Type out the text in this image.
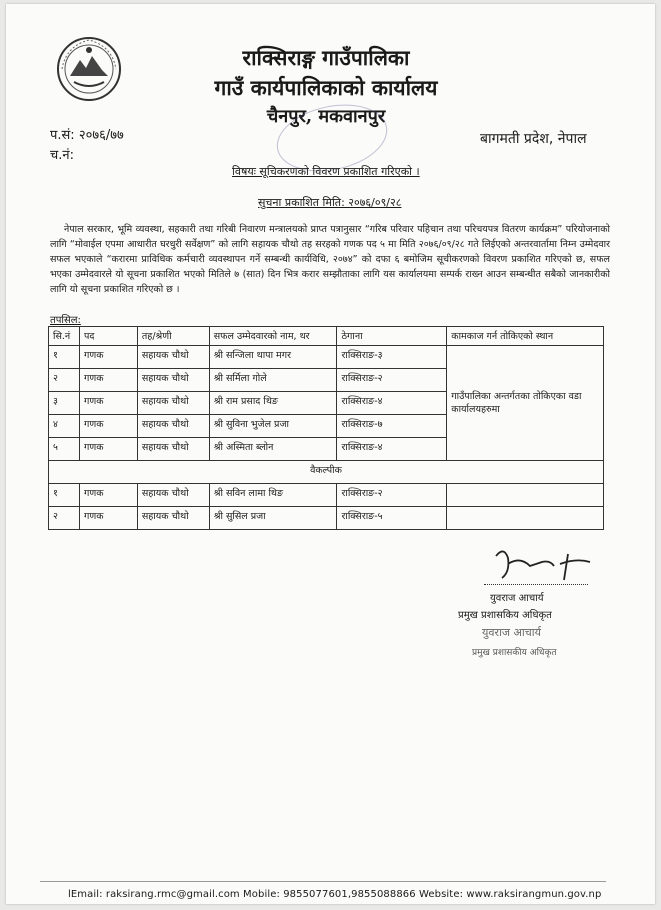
राक्सिराङ्ग गाउँपालिका
गाउँ कार्यपालिकाको कार्यालय
चैनपुर, मकवानपुर
प.सं: २०७६/७७
च.नं:
बागमती प्रदेश, नेपाल
विषयः सूचिकरणको विवरण प्रकाशित गरिएको ।
सुचना प्रकाशित मिति: २०७६/०९/२८
नेपाल सरकार, भूमि व्यवस्था, सहकारी तथा गरिबी निवारण मन्त्रालयको प्राप्त पत्रानुसार “गरिब परिवार पहिचान तथा परिचयपत्र वितरण कार्यक्रम” परियोजनाको लागि “मोवाईल एपमा आधारीत घरधुरी सर्वेक्षण” को लागि सहायक चौथो तह सरहको गणक पद ५ मा मिति २०७६/०९/२८ गते लिईएको अन्तरवार्तामा निम्न उम्मेदवार सफल भएकाले “करारमा प्राविधिक कर्मचारी व्यवस्थापन गर्ने सम्बन्धी कार्यविधि, २०७४” को दफा ६ बमोजिम सूचीकरणको विवरण प्रकाशित गरिएको छ, सफल भएका उम्मेदवारले यो सूचना प्रकाशित भएको मितिले ७ (सात) दिन भित्र करार सम्झौताका लागि यस कार्यालयमा सम्पर्क राख्न आउन सम्बन्धीत सबैको जानकारीको लागि यो सूचना प्रकाशित गरिएको छ ।
तपसिल:
सि.नं	पद	तह/श्रेणी	सफल उम्मेदवारको नाम, थर	ठेगाना	कामकाज गर्न तोकिएको स्थान
१	गणक	सहायक चौथो	श्री सन्जिला थापा मगर	राक्सिराङ-३	गाउँपालिका अन्तर्गतका तोकिएका वडा कार्यालयहरुमा
२	गणक	सहायक चौथो	श्री सर्मिला गोले	राक्सिराङ-२	
३	गणक	सहायक चौथो	श्री राम प्रसाद थिङ	राक्सिराङ-४	
४	गणक	सहायक चौथो	श्री सुविना भुजेल प्रजा	राक्सिराङ-७	
५	गणक	सहायक चौथो	श्री अस्मिता ब्लोन	राक्सिराङ-४	
वैकल्पीक					
१	गणक	सहायक चौथो	श्री सविन लामा थिङ	राक्सिराङ-२	
२	गणक	सहायक चौथो	श्री सुसिल प्रजा	राक्सिराङ-५	
युवराज आचार्य
प्रमुख प्रशासकिय अधिकृत
युवराज आचार्य
प्रमुख प्रशासकीय अधिकृत
lEmail: raksirang.rmc@gmail.com Mobile: 9855077601,9855088866 Website: www.raksirangmun.gov.np
